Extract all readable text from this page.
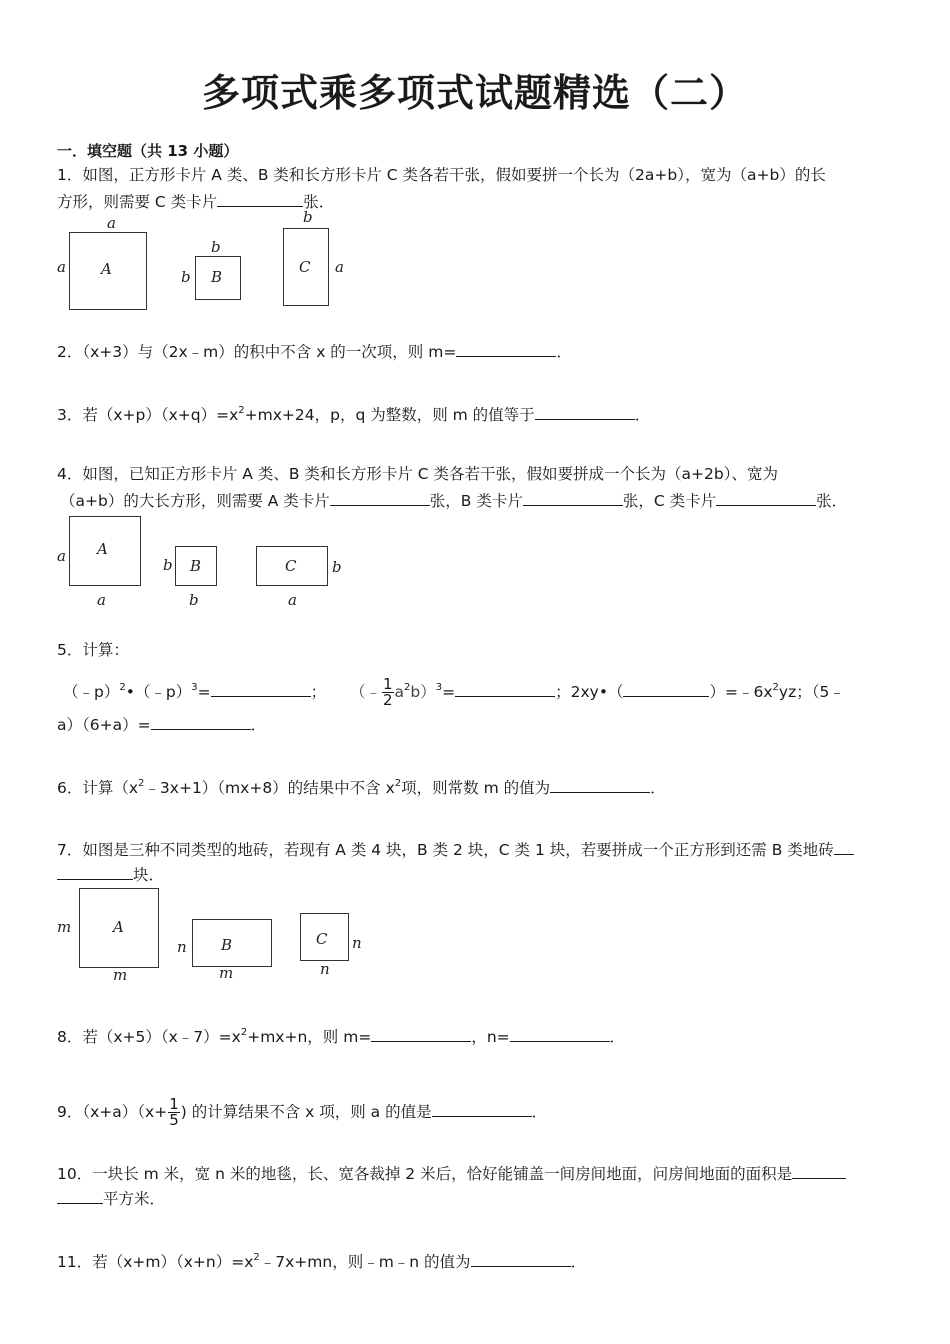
多项式乘多项式试题精选（二）
一．填空题（共 13 小题）
1．如图，正方形卡片 A 类、B 类和长方形卡片 C 类各若干张，假如要拼一个长为（2a+b），宽为（a+b）的长
方形，则需要 C 类卡片	张．
a
a A
b
b B
b
C a
2．（x+3）与（2x﹣m）的积中不含 x 的一次项，则 m=	．
3．若$(x+p)(x+q)=x^2+mx+24$，p，q 为整数，则 m 的值等于	．
4．如图，已知正方形卡片 A 类、B 类和长方形卡片 C 类各若干张，假如要拼成一个长为（a+2b）、宽为
（a+b）的大长方形，则需要 A 类卡片	张，B 类卡片	张，C 类卡片	张．
a A
a
b B
b
C b
a
5．计算：
（﹣p）$^2$•（﹣p）$^3$=	； （﹣ $\frac{1}{2} a^2b)^3=$	；2xy•（	）$=﹣6x^2yz$；（5﹣
a）（6+a）=	．
6．计算$(x^2﹣3x+1)(mx+8)$的结果中不含 $x^2$项，则常数 m 的值为	．
7．如图是三种不同类型的地砖，若现有 A 类 4 块，B 类 2 块，C 类 1 块，若要拼成一个正方形到还需 B 类地砖
块．
m	A
m
n B
m
C n
n
8．若$(x+5)(x﹣7)=x^2+mx+n$，则 m=	，n=	．
9．$(x+a)(x+ \frac{1}{5}$ ) 的计算结果不含 x 项，则 a 的值是	．
10．一块长 m 米，宽 n 米的地毯，长、宽各裁掉 2 米后，恰好能铺盖一间房间地面，问房间地面的面积是
平方米．
11．若$(x+m)(x+n)=x^2﹣7x+mn$，则﹣m﹣n 的值为	．
